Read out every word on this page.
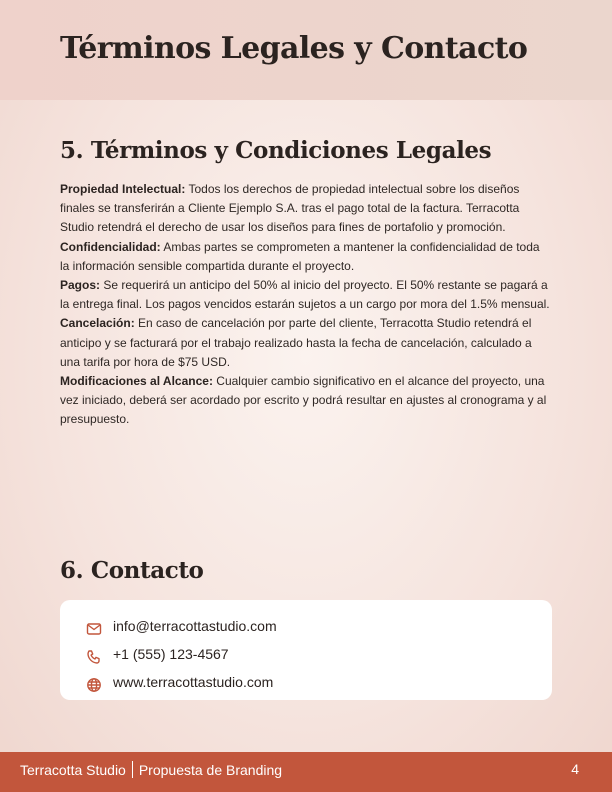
Términos Legales y Contacto
5. Términos y Condiciones Legales

Propiedad Intelectual: Todos los derechos de propiedad intelectual sobre los diseños finales se transferirán a Cliente Ejemplo S.A. tras el pago total de la factura. Terracotta Studio retendrá el derecho de usar los diseños para fines de portafolio y promoción.

Confidencialidad: Ambas partes se comprometen a mantener la confidencialidad de toda la información sensible compartida durante el proyecto.

Pagos: Se requerirá un anticipo del 50% al inicio del proyecto. El 50% restante se pagará a la entrega final. Los pagos vencidos estarán sujetos a un cargo por mora del 1.5% mensual.

Cancelación: En caso de cancelación por parte del cliente, Terracotta Studio retendrá el anticipo y se facturará por el trabajo realizado hasta la fecha de cancelación, calculado a una tarifa por hora de $75 USD.

Modificaciones al Alcance: Cualquier cambio significativo en el alcance del proyecto, una vez iniciado, deberá ser acordado por escrito y podrá resultar en ajustes al cronograma y al presupuesto.

6. Contacto
info@terracottastudio.com
+1 (555) 123-4567
www.terracottastudio.com
Terracotta Studio Propuesta de Branding	4
